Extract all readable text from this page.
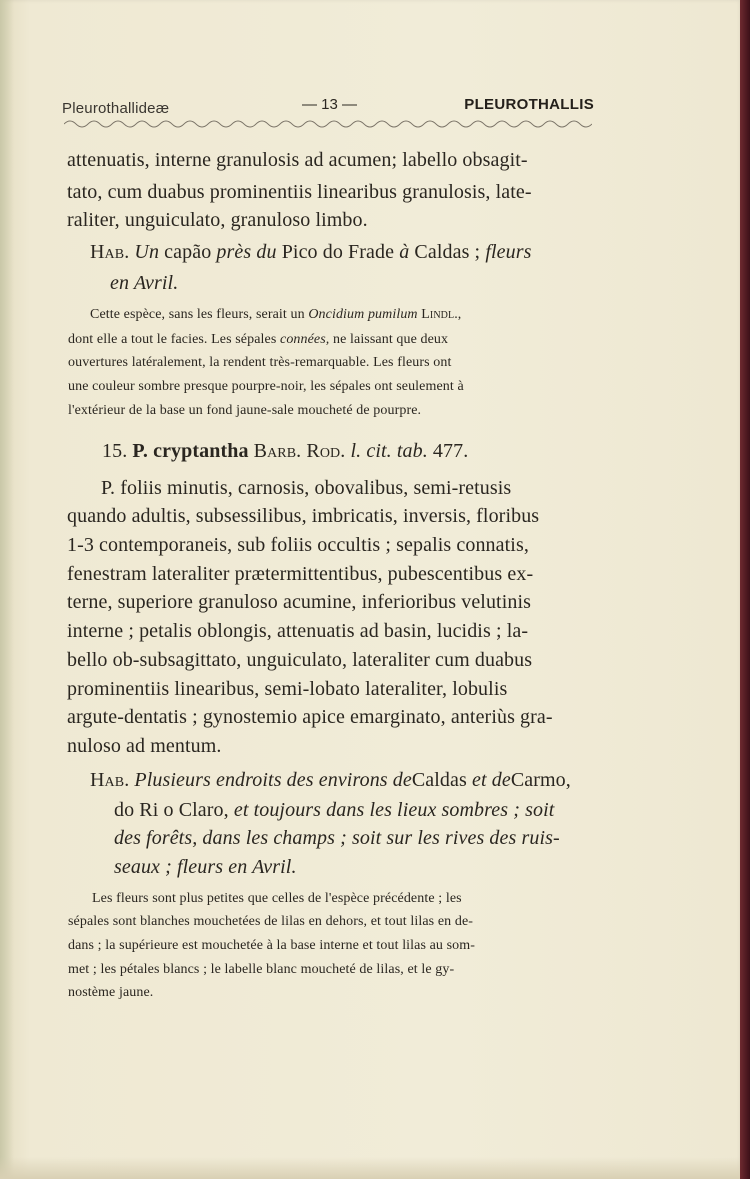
Pleurothallideæ	— 13 —	PLEUROTHALLIS
attenuatis, interne granulosis ad acumen; labello obsagit-
tato, cum duabus prominentiis linearibus granulosis, late-
raliter, unguiculato, granuloso limbo.
Hab. Un capão près du Pico do Frade à Caldas ; fleurs
en Avril.
Cette espèce, sans les fleurs, serait un Oncidium pumilum Lindl.,
dont elle a tout le facies. Les sépales connées, ne laissant que deux
ouvertures latéralement, la rendent très-remarquable. Les fleurs ont
une couleur sombre presque pourpre-noir, les sépales ont seulement à
l'extérieur de la base un fond jaune-sale moucheté de pourpre.
15. P. cryptantha Barb. Rod. l. cit. tab. 477.
P. foliis minutis, carnosis, obovalibus, semi-retusis
quando adultis, subsessilibus, imbricatis, inversis, floribus
1-3 contemporaneis, sub foliis occultis ; sepalis connatis,
fenestram lateraliter prætermittentibus, pubescentibus ex-
terne, superiore granuloso acumine, inferioribus velutinis
interne ; petalis oblongis, attenuatis ad basin, lucidis ; la-
bello ob-subsagittato, unguiculato, lateraliter cum duabus
prominentiis linearibus, semi-lobato lateraliter, lobulis
argute-dentatis ; gynostemio apice emarginato, anteriùs gra-
nuloso ad mentum.
Hab. Plusieurs endroits des environs deCaldas et deCarmo,
do Ri o Claro, et toujours dans les lieux sombres ; soit
des forêts, dans les champs ; soit sur les rives des ruis-
seaux ; fleurs en Avril.
Les fleurs sont plus petites que celles de l'espèce précédente ; les
sépales sont blanches mouchetées de lilas en dehors, et tout lilas en de-
dans ; la supérieure est mouchetée à la base interne et tout lilas au som-
met ; les pétales blancs ; le labelle blanc moucheté de lilas, et le gy-
nostème jaune.
